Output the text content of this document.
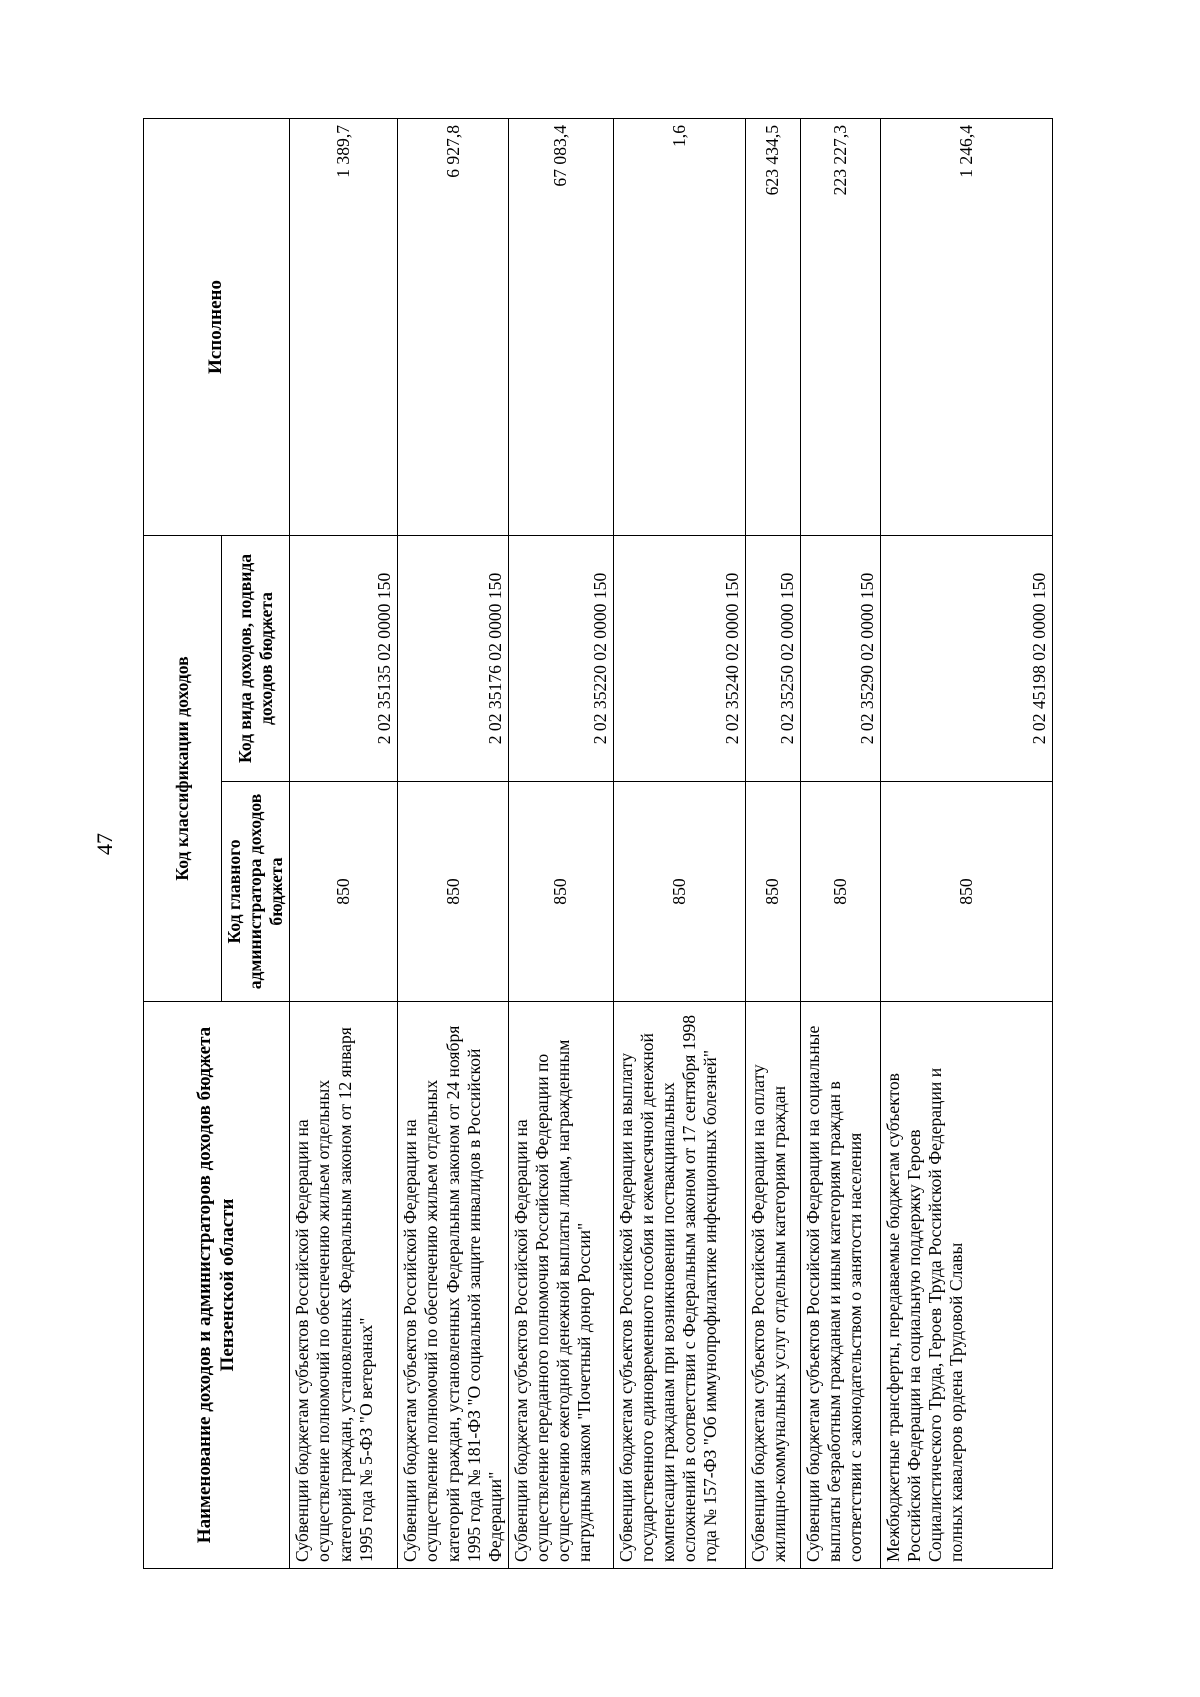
47
Наименование доходов и администраторов доходов бюджета Пензенской области	Код классификации доходов		Исполнено
	Код главного администратора доходов бюджета	Код вида доходов, подвида доходов бюджета	
Субвенции бюджетам субъектов Российской Федерации на осуществление полномочий по обеспечению жильем отдельных категорий граждан, установленных Федеральным законом от 12 января 1995 года № 5-ФЗ "О ветеранах"	850	2 02 35135 02 0000 150	1 389,7
Субвенции бюджетам субъектов Российской Федерации на осуществление полномочий по обеспечению жильем отдельных категорий граждан, установленных Федеральным законом от 24 ноября 1995 года № 181-ФЗ "О социальной защите инвалидов в Российской Федерации"	850	2 02 35176 02 0000 150	6 927,8
Субвенции бюджетам субъектов Российской Федерации на осуществление переданного полномочия Российской Федерации по осуществлению ежегодной денежной выплаты лицам, награжденным нагрудным знаком "Почетный донор России"	850	2 02 35220 02 0000 150	67 083,4
Субвенции бюджетам субъектов Российской Федерации на выплату государственного единовременного пособия и ежемесячной денежной компенсации гражданам при возникновении поствакцинальных осложнений в соответствии с Федеральным законом от 17 сентября 1998 года № 157-ФЗ "Об иммунопрофилактике инфекционных болезней"	850	2 02 35240 02 0000 150	1,6
Субвенции бюджетам субъектов Российской Федерации на оплату жилищно-коммунальных услуг отдельным категориям граждан	850	2 02 35250 02 0000 150	623 434,5
Субвенции бюджетам субъектов Российской Федерации на социальные выплаты безработным гражданам и иным категориям граждан в соответствии с законодательством о занятости населения	850	2 02 35290 02 0000 150	223 227,3
Межбюджетные трансферты, передаваемые бюджетам субъектов Российской Федерации на социальную поддержку Героев Социалистического Труда, Героев Труда Российской Федерации и полных кавалеров ордена Трудовой Славы	850	2 02 45198 02 0000 150	1 246,4
